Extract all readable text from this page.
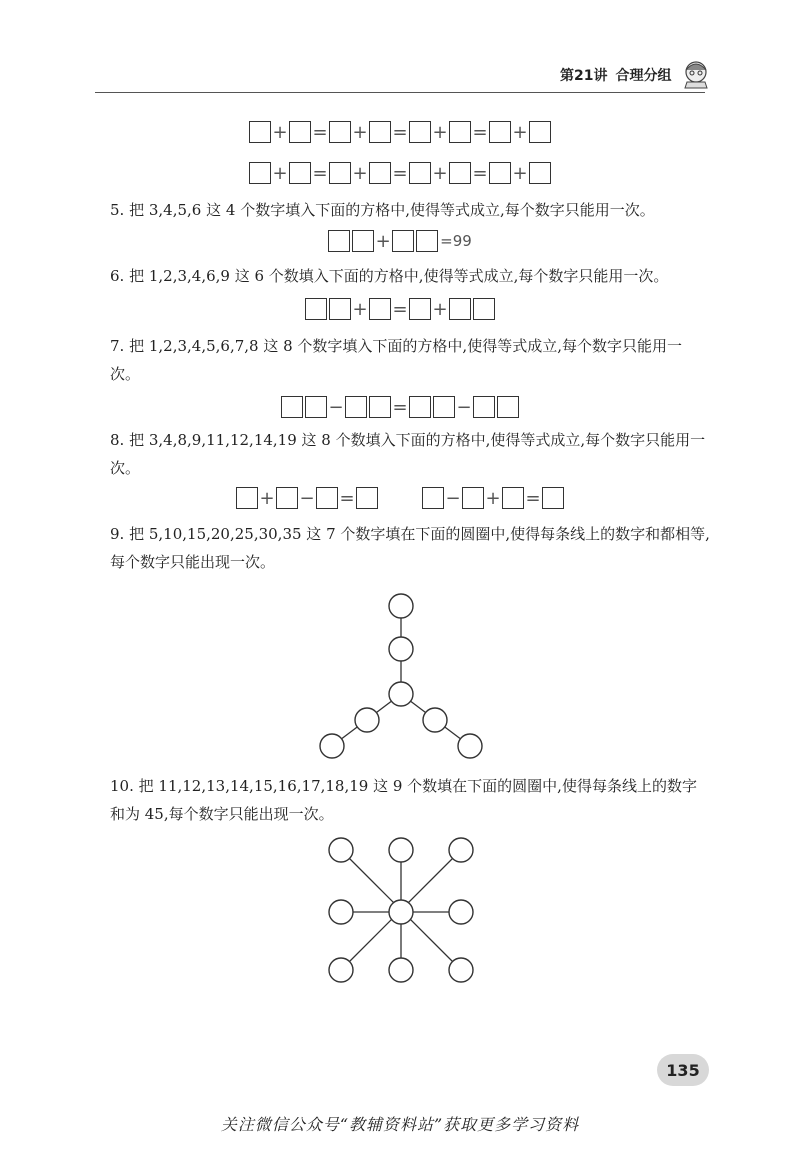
第21讲 合理分组
+ = + = + = +
+ = + = + = +

5. 把 3,4,5,6 这 4 个数字填入下面的方格中,使得等式成立,每个数字只能用一次。

+	=99

6. 把 1,2,3,4,6,9 这 6 个数填入下面的方格中,使得等式成立,每个数字只能用一次。

+ = +

7. 把 1,2,3,4,5,6,7,8 这 8 个数字填入下面的方格中,使得等式成立,每个数字只能用一次。

−	=	−

8. 把 3,4,8,9,11,12,14,19 这 8 个数填入下面的方格中,使得等式成立,每个数字只能用一次。

+ − =	− + =

9. 把 5,10,15,20,25,30,35 这 7 个数字填在下面的圆圈中,使得每条线上的数字和都相等,每个数字只能出现一次。

10. 把 11,12,13,14,15,16,17,18,19 这 9 个数填在下面的圆圈中,使得每条线上的数字和为 45,每个数字只能出现一次。

135
关注微信公众号“教辅资料站”获取更多学习资料
